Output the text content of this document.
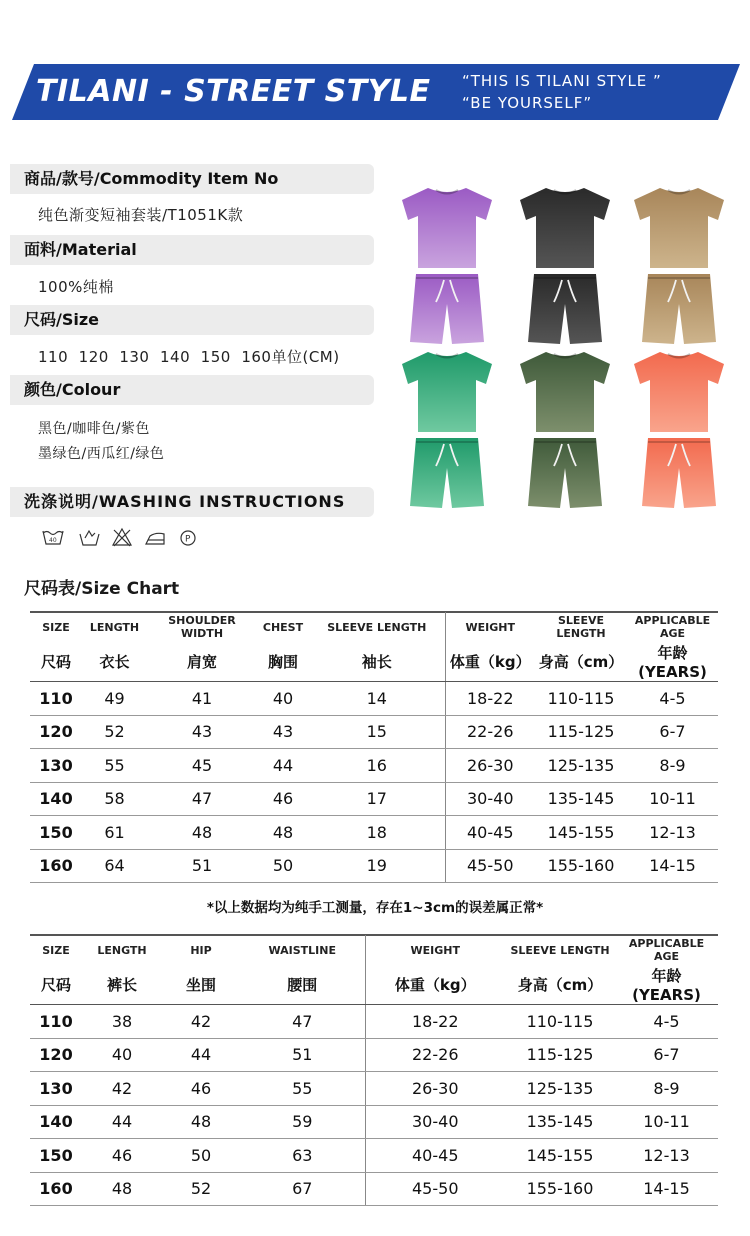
TILANI - STREET STYLE “THIS IS TILANI STYLE ”
“BE YOURSELF”
商品/款号/Commodity Item No
纯色渐变短袖套装/T1051K款
面料/Material
100%纯棉
尺码/Size
110  120  130  140  150  160单位(CM)
颜色/Colour
黑色/咖啡色/紫色
墨绿色/西瓜红/绿色
洗涤说明/WASHING INSTRUCTIONS
40	P
尺码表/Size Chart
SIZE	LENGTH	SHOULDER WIDTH	CHEST	SLEEVE LENGTH	WEIGHT	SLEEVE LENGTH	APPLICABLE AGE
尺码	衣长	肩宽	胸围	袖长	体重（kg）	身高（cm）	年龄 (YEARS)
110	49	41	40	14	18-22	110-115	4-5
120	52	43	43	15	22-26	115-125	6-7
130	55	45	44	16	26-30	125-135	8-9
140	58	47	46	17	30-40	135-145	10-11
150	61	48	48	18	40-45	145-155	12-13
160	64	51	50	19	45-50	155-160	14-15
*以上数据均为纯手工测量，存在1~3cm的误差属正常*
SIZE	LENGTH	HIP	WAISTLINE	WEIGHT	SLEEVE LENGTH	APPLICABLE AGE
尺码	裤长	坐围	腰围	体重（kg）	身高（cm）	年龄 (YEARS)
110	38	42	47	18-22	110-115	4-5
120	40	44	51	22-26	115-125	6-7
130	42	46	55	26-30	125-135	8-9
140	44	48	59	30-40	135-145	10-11
150	46	50	63	40-45	145-155	12-13
160	48	52	67	45-50	155-160	14-15
